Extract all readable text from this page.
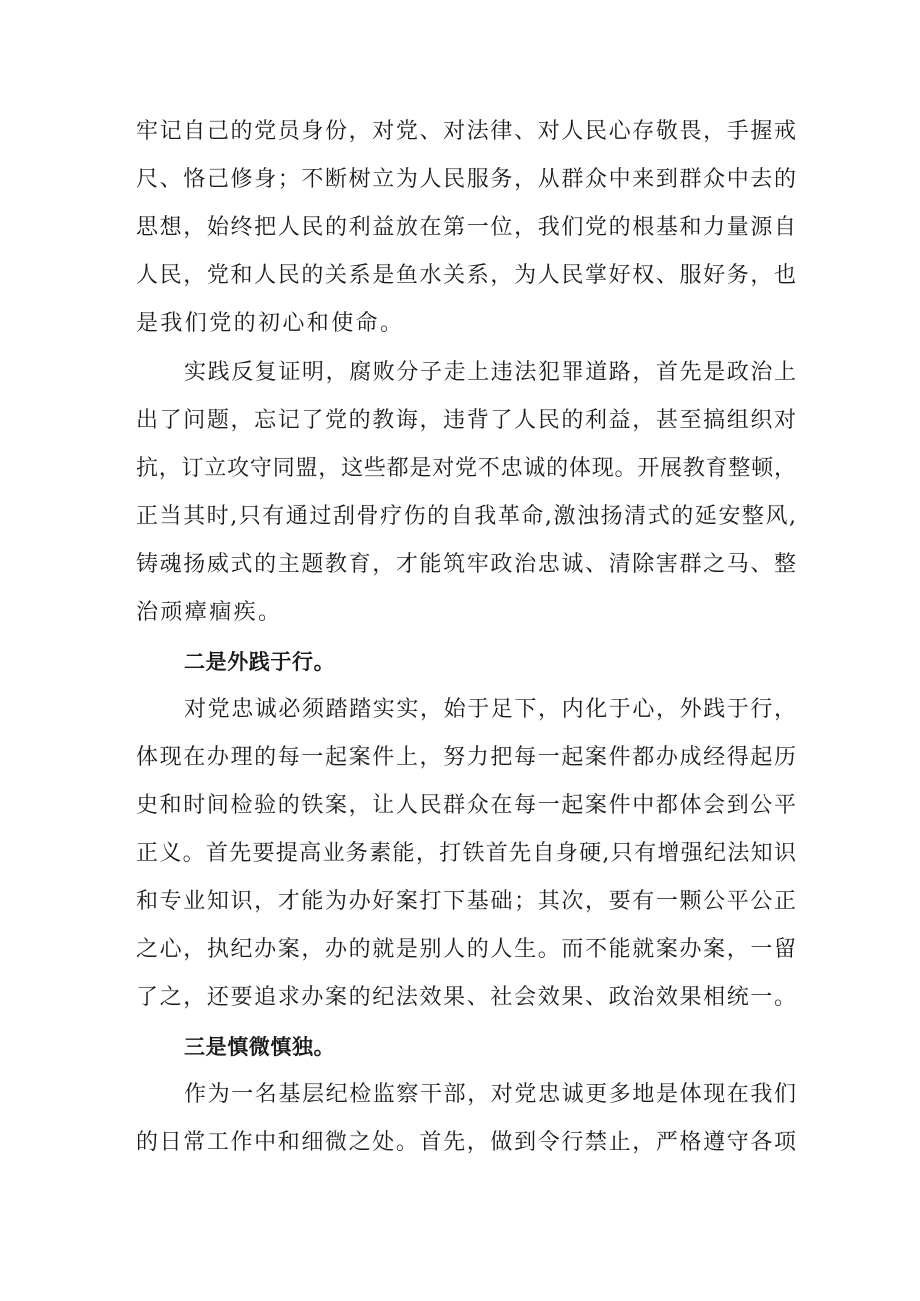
牢记自己的党员身份，对党、对法律、对人民心存敬畏，手握戒
尺、恪己修身；不断树立为人民服务，从群众中来到群众中去的
思想，始终把人民的利益放在第一位，我们党的根基和力量源自
人民，党和人民的关系是鱼水关系，为人民掌好权、服好务，也
是我们党的初心和使命。
实践反复证明，腐败分子走上违法犯罪道路，首先是政治上
出了问题，忘记了党的教诲，违背了人民的利益，甚至搞组织对
抗，订立攻守同盟，这些都是对党不忠诚的体现。开展教育整顿，
正当其时,只有通过刮骨疗伤的自我革命,激浊扬清式的延安整风,
铸魂扬威式的主题教育，才能筑牢政治忠诚、清除害群之马、整
治顽瘴痼疾。
二是外践于行。
对党忠诚必须踏踏实实，始于足下，内化于心，外践于行，
体现在办理的每一起案件上，努力把每一起案件都办成经得起历
史和时间检验的铁案，让人民群众在每一起案件中都体会到公平
正义。首先要提高业务素能，打铁首先自身硬,只有增强纪法知识
和专业知识，才能为办好案打下基础；其次，要有一颗公平公正
之心，执纪办案，办的就是别人的人生。而不能就案办案，一留
了之，还要追求办案的纪法效果、社会效果、政治效果相统一。
三是慎微慎独。
作为一名基层纪检监察干部，对党忠诚更多地是体现在我们
的日常工作中和细微之处。首先，做到令行禁止，严格遵守各项
